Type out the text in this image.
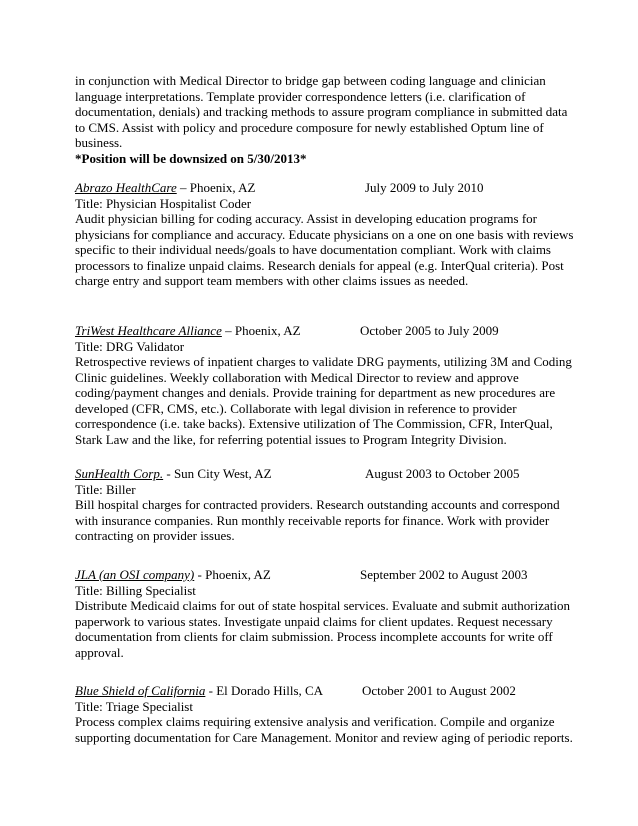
in conjunction with Medical Director to bridge gap between coding language and clinician language interpretations. Template provider correspondence letters (i.e. clarification of documentation, denials) and tracking methods to assure program compliance in submitted data to CMS. Assist with policy and procedure composure for newly established Optum line of business.
*Position will be downsized on 5/30/2013*
Abrazo HealthCare – Phoenix, AZ	July 2009 to July 2010
Title: Physician Hospitalist Coder

Audit physician billing for coding accuracy. Assist in developing education programs for physicians for compliance and accuracy. Educate physicians on a one on one basis with reviews specific to their individual needs/goals to have documentation compliant. Work with claims processors to finalize unpaid claims. Research denials for appeal (e.g. InterQual criteria). Post charge entry and support team members with other claims issues as needed.

TriWest Healthcare Alliance – Phoenix, AZ	October 2005 to July 2009
Title: DRG Validator

Retrospective reviews of inpatient charges to validate DRG payments, utilizing 3M and Coding Clinic guidelines. Weekly collaboration with Medical Director to review and approve coding/payment changes and denials. Provide training for department as new procedures are developed (CFR, CMS, etc.). Collaborate with legal division in reference to provider correspondence (i.e. take backs). Extensive utilization of The Commission, CFR, InterQual, Stark Law and the like, for referring potential issues to Program Integrity Division.

SunHealth Corp. - Sun City West, AZ	August 2003 to October 2005
Title: Biller

Bill hospital charges for contracted providers. Research outstanding accounts and correspond with insurance companies. Run monthly receivable reports for finance. Work with provider contracting on provider issues.

JLA (an OSI company) - Phoenix, AZ	September 2002 to August 2003
Title: Billing Specialist

Distribute Medicaid claims for out of state hospital services. Evaluate and submit authorization paperwork to various states. Investigate unpaid claims for client updates. Request necessary documentation from clients for claim submission. Process incomplete accounts for write off approval.

Blue Shield of California - El Dorado Hills, CA	October 2001 to August 2002
Title: Triage Specialist

Process complex claims requiring extensive analysis and verification. Compile and organize supporting documentation for Care Management. Monitor and review aging of periodic reports.
